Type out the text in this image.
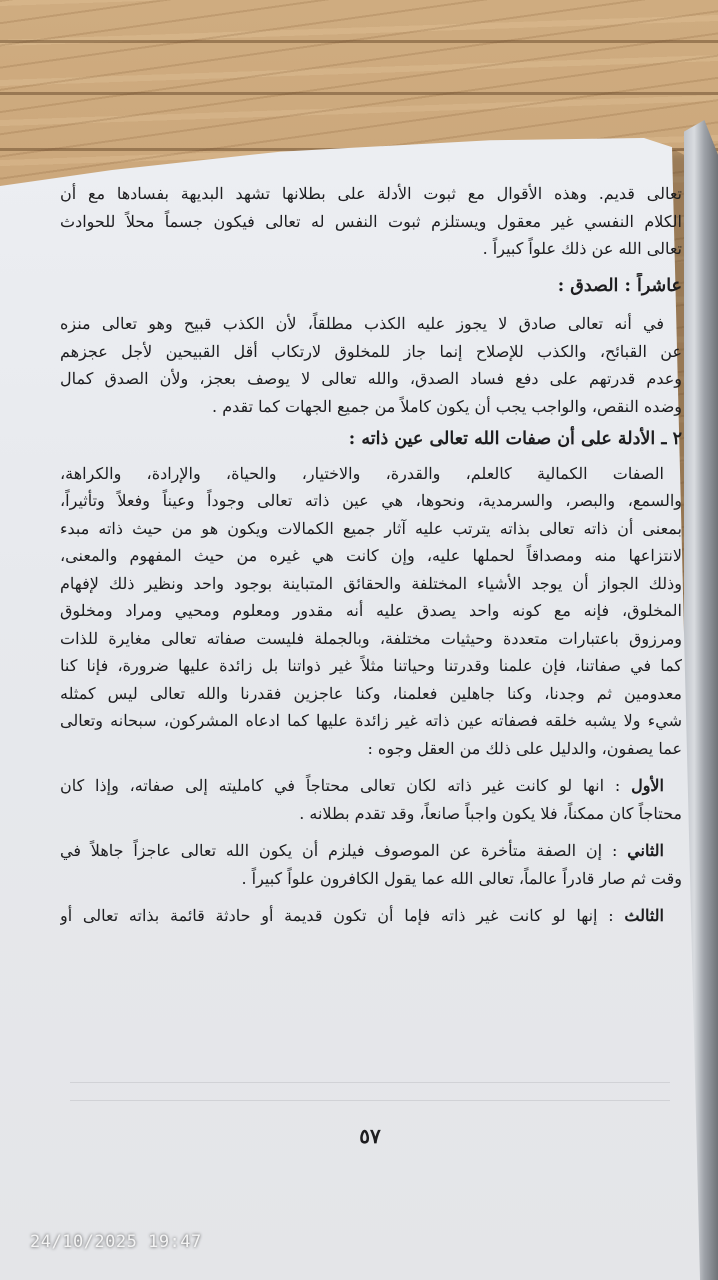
تعالى قديم. وهذه الأقوال مع ثبوت الأدلة على بطلانها تشهد البديهة بفسادها مع أن
الكلام النفسي غير معقول ويستلزم ثبوت النفس له تعالى فيكون جسماً محلاً للحوادث
تعالى الله عن ذلك علواً كبيراً .
عاشراً : الصدق :
في أنه تعالى صادق لا يجوز عليه الكذب مطلقاً، لأن الكذب قبيح وهو تعالى منزه
عن القبائح، والكذب للإصلاح إنما جاز للمخلوق لارتكاب أقل القبيحين لأجل عجزهم
وعدم قدرتهم على دفع فساد الصدق، والله تعالى لا يوصف بعجز، ولأن الصدق كمال
وضده النقص، والواجب يجب أن يكون كاملاً من جميع الجهات كما تقدم .
٢ ـ الأدلة على أن صفات الله تعالى عين ذاته :
الصفات الكمالية كالعلم، والقدرة، والاختيار، والحياة، والإرادة، والكراهة،
والسمع، والبصر، والسرمدية، ونحوها، هي عين ذاته تعالى وجوداً وعيناً وفعلاً وتأثيراً،
بمعنى أن ذاته تعالى بذاته يترتب عليه آثار جميع الكمالات ويكون هو من حيث ذاته مبدء
لانتزاعها منه ومصداقاً لحملها عليه، وإن كانت هي غيره من حيث المفهوم والمعنى،
وذلك الجواز أن يوجد الأشياء المختلفة والحقائق المتباينة بوجود واحد ونظير ذلك لإفهام
المخلوق، فإنه مع كونه واحد يصدق عليه أنه مقدور ومعلوم ومحيي ومراد ومخلوق
ومرزوق باعتبارات متعددة وحيثيات مختلفة، وبالجملة فليست صفاته تعالى مغايرة للذات
كما في صفاتنا، فإن علمنا وقدرتنا وحياتنا مثلاً غير ذواتنا بل زائدة عليها ضرورة، فإنا كنا
معدومين ثم وجدنا، وكنا جاهلين فعلمنا، وكنا عاجزين فقدرنا والله تعالى ليس كمثله
شيء ولا يشبه خلقه فصفاته عين ذاته غير زائدة عليها كما ادعاه المشركون، سبحانه وتعالى
عما يصفون، والدليل على ذلك من العقل وجوه :
الأول : انها لو كانت غير ذاته لكان تعالى محتاجاً في كامليته إلى صفاته، وإذا كان
محتاجاً كان ممكناً، فلا يكون واجباً صانعاً، وقد تقدم بطلانه .
الثاني : إن الصفة متأخرة عن الموصوف فيلزم أن يكون الله تعالى عاجزاً جاهلاً في
وقت ثم صار قادراً عالماً، تعالى الله عما يقول الكافرون علواً كبيراً .
الثالث : إنها لو كانت غير ذاته فإما أن تكون قديمة أو حادثة قائمة بذاته تعالى أو
٥٧
24/10/2025 19:47
